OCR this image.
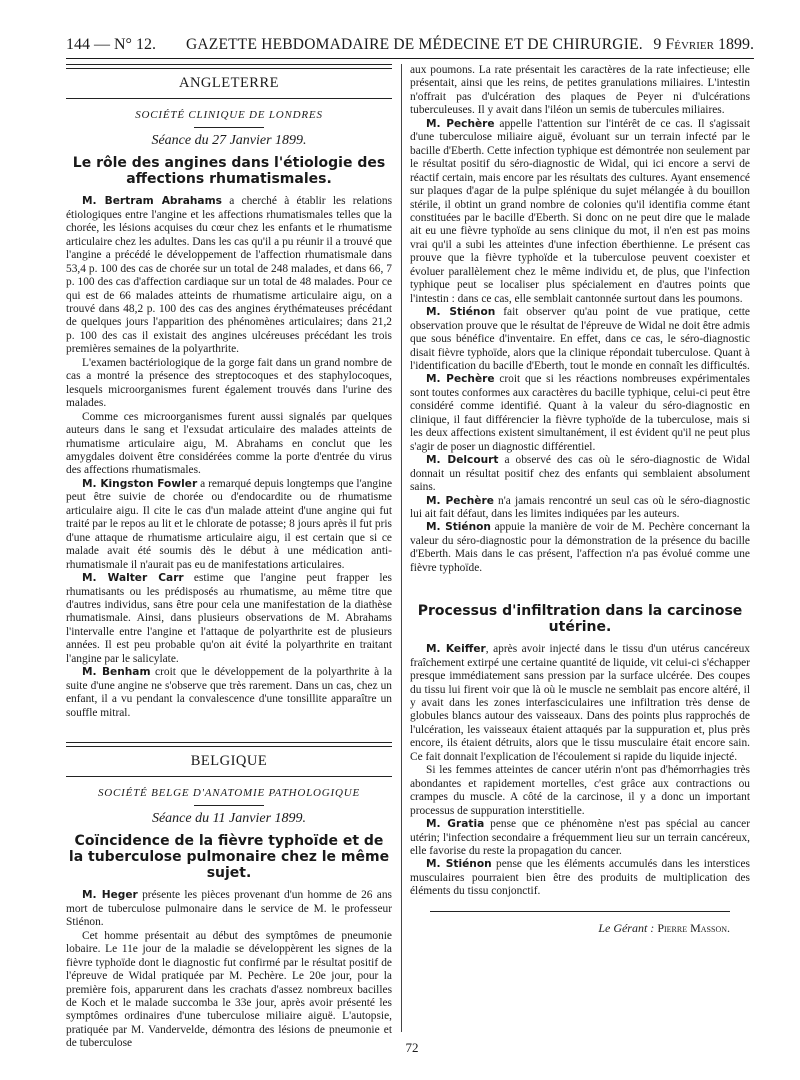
144 — N° 12. GAZETTE HEBDOMADAIRE DE MÉDECINE ET DE CHIRURGIE. 9 Février 1899.
ANGLETERRE
SOCIÉTÉ CLINIQUE DE LONDRES
Séance du 27 Janvier 1899.
Le rôle des angines dans l'étiologie des affections rhumatismales.

M. Bertram Abrahams a cherché à établir les relations étiologiques entre l'angine et les affections rhumatismales telles que la chorée, les lésions acquises du cœur chez les enfants et le rhumatisme articulaire chez les adultes. Dans les cas qu'il a pu réunir il a trouvé que l'angine a précédé le développement de l'affection rhumatismale dans 53,4 p. 100 des cas de chorée sur un total de 248 malades, et dans 66, 7 p. 100 des cas d'affection cardiaque sur un total de 48 malades. Pour ce qui est de 66 malades atteints de rhumatisme articulaire aigu, on a trouvé dans 48,2 p. 100 des cas des angines érythémateuses précédant de quelques jours l'apparition des phénomènes articulaires; dans 21,2 p. 100 des cas il existait des angines ulcéreuses précédant les trois premières semaines de la polyarthrite.

L'examen bactériologique de la gorge fait dans un grand nombre de cas a montré la présence des streptocoques et des staphylocoques, lesquels microorganismes furent également trouvés dans l'urine des malades.

Comme ces microorganismes furent aussi signalés par quelques auteurs dans le sang et l'exsudat articulaire des malades atteints de rhumatisme articulaire aigu, M. Abrahams en conclut que les amygdales doivent être considérées comme la porte d'entrée du virus des affections rhumatismales.

M. Kingston Fowler a remarqué depuis longtemps que l'angine peut être suivie de chorée ou d'endocardite ou de rhumatisme articulaire aigu. Il cite le cas d'un malade atteint d'une angine qui fut traité par le repos au lit et le chlorate de potasse; 8 jours après il fut pris d'une attaque de rhumatisme articulaire aigu, il est certain que si ce malade avait été soumis dès le début à une médication anti-rhumatismale il n'aurait pas eu de manifestations articulaires.

M. Walter Carr estime que l'angine peut frapper les rhumatisants ou les prédisposés au rhumatisme, au même titre que d'autres individus, sans être pour cela une manifestation de la diathèse rhumatismale. Ainsi, dans plusieurs observations de M. Abrahams l'intervalle entre l'angine et l'attaque de polyarthrite est de plusieurs années. Il est peu probable qu'on ait évité la polyarthrite en traitant l'angine par le salicylate.

M. Benham croit que le développement de la polyarthrite à la suite d'une angine ne s'observe que très rarement. Dans un cas, chez un enfant, il a vu pendant la convalescence d'une tonsillite apparaître un souffle mitral.

BELGIQUE
SOCIÉTÉ BELGE D'ANATOMIE PATHOLOGIQUE
Séance du 11 Janvier 1899.
Coïncidence de la fièvre typhoïde et de la tuberculose pulmonaire chez le même sujet.

M. Heger présente les pièces provenant d'un homme de 26 ans mort de tuberculose pulmonaire dans le service de M. le professeur Stiénon.

Cet homme présentait au début des symptômes de pneumonie lobaire. Le 11e jour de la maladie se développèrent les signes de la fièvre typhoïde dont le diagnostic fut confirmé par le résultat positif de l'épreuve de Widal pratiquée par M. Pechère. Le 20e jour, pour la première fois, apparurent dans les crachats d'assez nombreux bacilles de Koch et le malade succomba le 33e jour, après avoir présenté les symptômes ordinaires d'une tuberculose miliaire aiguë. L'autopsie, pratiquée par M. Vandervelde, démontra des lésions de pneumonie et de tuberculose

aux poumons. La rate présentait les caractères de la rate infectieuse; elle présentait, ainsi que les reins, de petites granulations miliaires. L'intestin n'offrait pas d'ulcération des plaques de Peyer ni d'ulcérations tuberculeuses. Il y avait dans l'iléon un semis de tubercules miliaires.

M. Pechère appelle l'attention sur l'intérêt de ce cas. Il s'agissait d'une tuberculose miliaire aiguë, évoluant sur un terrain infecté par le bacille d'Eberth. Cette infection typhique est démontrée non seulement par le résultat positif du séro-diagnostic de Widal, qui ici encore a servi de réactif certain, mais encore par les résultats des cultures. Ayant ensemencé sur plaques d'agar de la pulpe splénique du sujet mélangée à du bouillon stérile, il obtint un grand nombre de colonies qu'il identifia comme étant constituées par le bacille d'Eberth. Si donc on ne peut dire que le malade ait eu une fièvre typhoïde au sens clinique du mot, il n'en est pas moins vrai qu'il a subi les atteintes d'une infection éberthienne. Le présent cas prouve que la fièvre typhoïde et la tuberculose peuvent coexister et évoluer parallèlement chez le même individu et, de plus, que l'infection typhique peut se localiser plus spécialement en d'autres points que l'intestin : dans ce cas, elle semblait cantonnée surtout dans les poumons.

M. Stiénon fait observer qu'au point de vue pratique, cette observation prouve que le résultat de l'épreuve de Widal ne doit être admis que sous bénéfice d'inventaire. En effet, dans ce cas, le séro-diagnostic disait fièvre typhoïde, alors que la clinique répondait tuberculose. Quant à l'identification du bacille d'Eberth, tout le monde en connaît les difficultés.

M. Pechère croit que si les réactions nombreuses expérimentales sont toutes conformes aux caractères du bacille typhique, celui-ci peut être considéré comme identifié. Quant à la valeur du séro-diagnostic en clinique, il faut différencier la fièvre typhoïde de la tuberculose, mais si les deux affections existent simultanément, il est évident qu'il ne peut plus s'agir de poser un diagnostic différentiel.

M. Delcourt a observé des cas où le séro-diagnostic de Widal donnait un résultat positif chez des enfants qui semblaient absolument sains.

M. Pechère n'a jamais rencontré un seul cas où le séro-diagnostic lui ait fait défaut, dans les limites indiquées par les auteurs.

M. Stiénon appuie la manière de voir de M. Pechère concernant la valeur du séro-diagnostic pour la démonstration de la présence du bacille d'Eberth. Mais dans le cas présent, l'affection n'a pas évolué comme une fièvre typhoïde.

Processus d'infiltration dans la carcinose utérine.

M. Keiffer, après avoir injecté dans le tissu d'un utérus cancéreux fraîchement extirpé une certaine quantité de liquide, vit celui-ci s'échapper presque immédiatement sans pression par la surface ulcérée. Des coupes du tissu lui firent voir que là où le muscle ne semblait pas encore altéré, il y avait dans les zones interfasciculaires une infiltration très dense de globules blancs autour des vaisseaux. Dans des points plus rapprochés de l'ulcération, les vaisseaux étaient attaqués par la suppuration et, plus près encore, ils étaient détruits, alors que le tissu musculaire était encore sain. Ce fait donnait l'explication de l'écoulement si rapide du liquide injecté.

Si les femmes atteintes de cancer utérin n'ont pas d'hémorrhagies très abondantes et rapidement mortelles, c'est grâce aux contractions ou crampes du muscle. A côté de la carcinose, il y a donc un important processus de suppuration interstitielle.

M. Gratia pense que ce phénomène n'est pas spécial au cancer utérin; l'infection secondaire a fréquemment lieu sur un terrain cancéreux, elle favorise du reste la propagation du cancer.

M. Stiénon pense que les éléments accumulés dans les interstices musculaires pourraient bien être des produits de multiplication des éléments du tissu conjonctif.

Le Gérant : Pierre Masson.
72
